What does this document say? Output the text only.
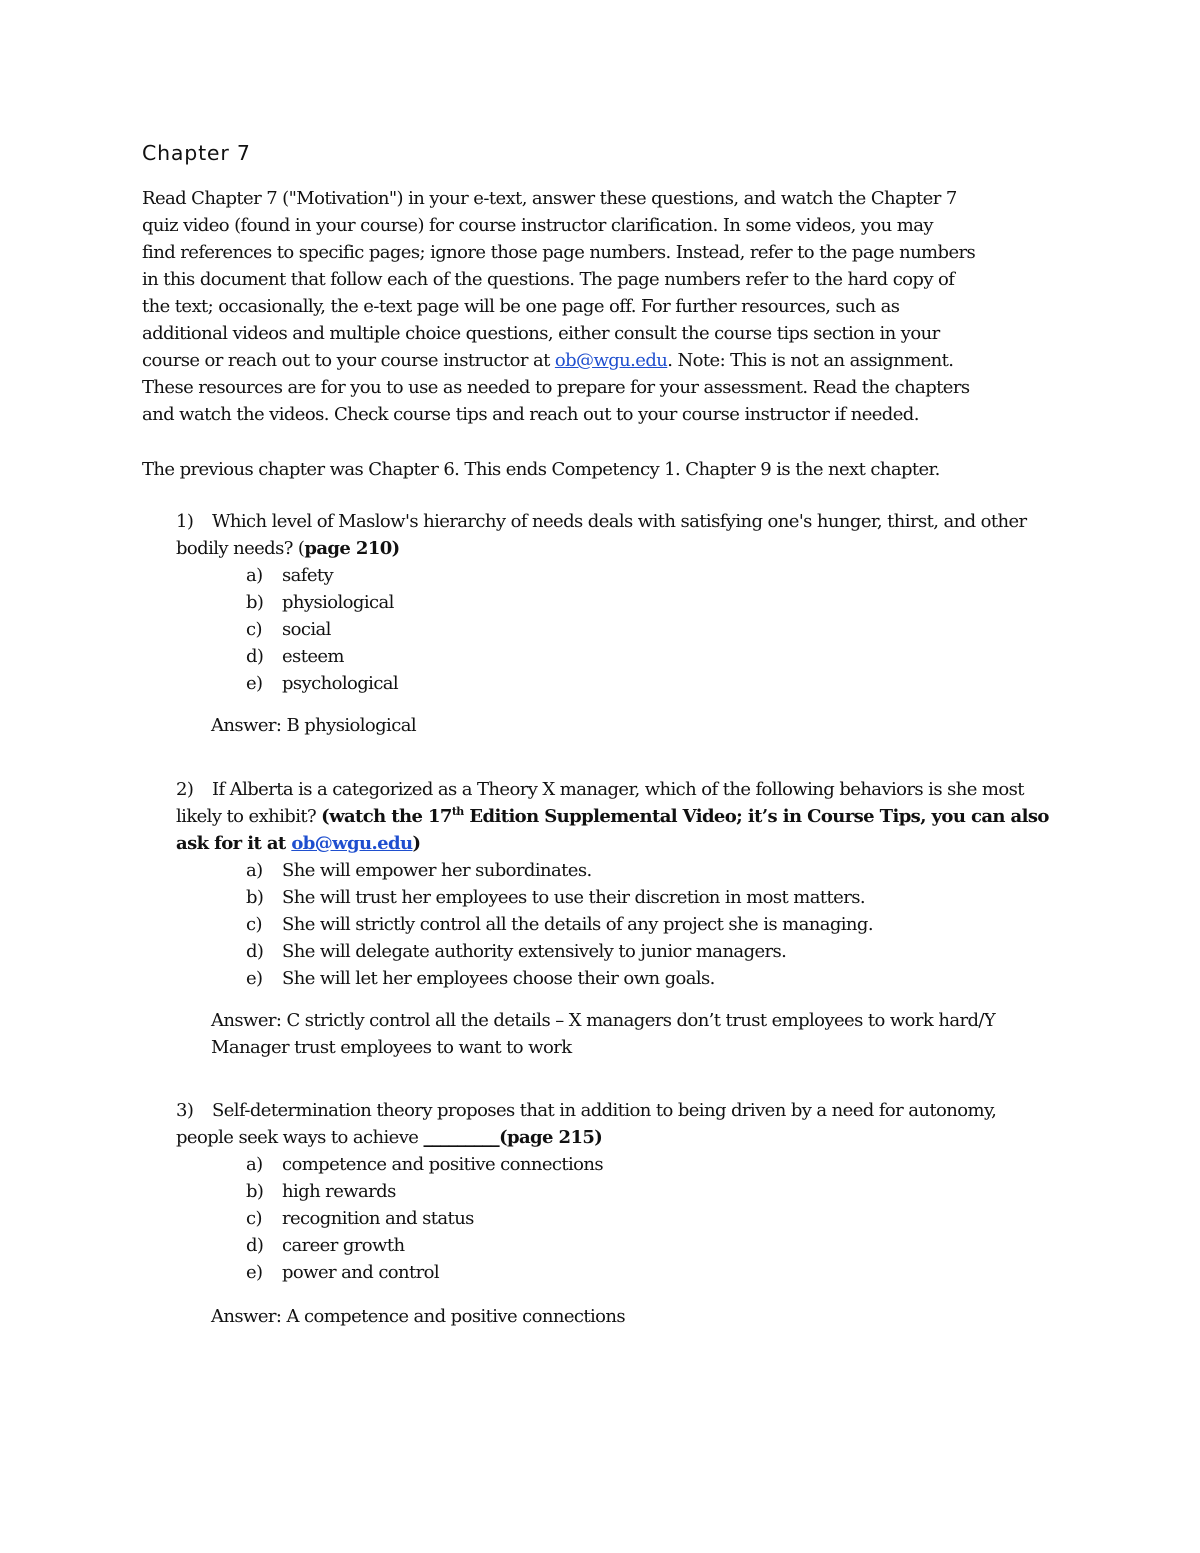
Chapter 7
Read Chapter 7 ("Motivation") in your e-text, answer these questions, and watch the Chapter 7
quiz video (found in your course) for course instructor clarification. In some videos, you may
find references to specific pages; ignore those page numbers. Instead, refer to the page numbers
in this document that follow each of the questions. The page numbers refer to the hard copy of
the text; occasionally, the e-text page will be one page off. For further resources, such as
additional videos and multiple choice questions, either consult the course tips section in your
course or reach out to your course instructor at ob@wgu.edu. Note: This is not an assignment.
These resources are for you to use as needed to prepare for your assessment. Read the chapters
and watch the videos. Check course tips and reach out to your course instructor if needed.
The previous chapter was Chapter 6. This ends Competency 1. Chapter 9 is the next chapter.
1) Which level of Maslow's hierarchy of needs deals with satisfying one's hunger, thirst, and other
bodily needs? (page 210)
a) safety
b) physiological
c) social
d) esteem
e) psychological
Answer: B physiological
2) If Alberta is a categorized as a Theory X manager, which of the following behaviors is she most
likely to exhibit? (watch the 17th Edition Supplemental Video; it’s in Course Tips, you can also
ask for it at ob@wgu.edu)
a) She will empower her subordinates.
b) She will trust her employees to use their discretion in most matters.
c) She will strictly control all the details of any project she is managing.
d) She will delegate authority extensively to junior managers.
e) She will let her employees choose their own goals.
Answer: C strictly control all the details – X managers don’t trust employees to work hard/Y
Manager trust employees to want to work
3) Self-determination theory proposes that in addition to being driven by a need for autonomy,
people seek ways to achieve _________(page 215)
a) competence and positive connections
b) high rewards
c) recognition and status
d) career growth
e) power and control
Answer: A competence and positive connections
